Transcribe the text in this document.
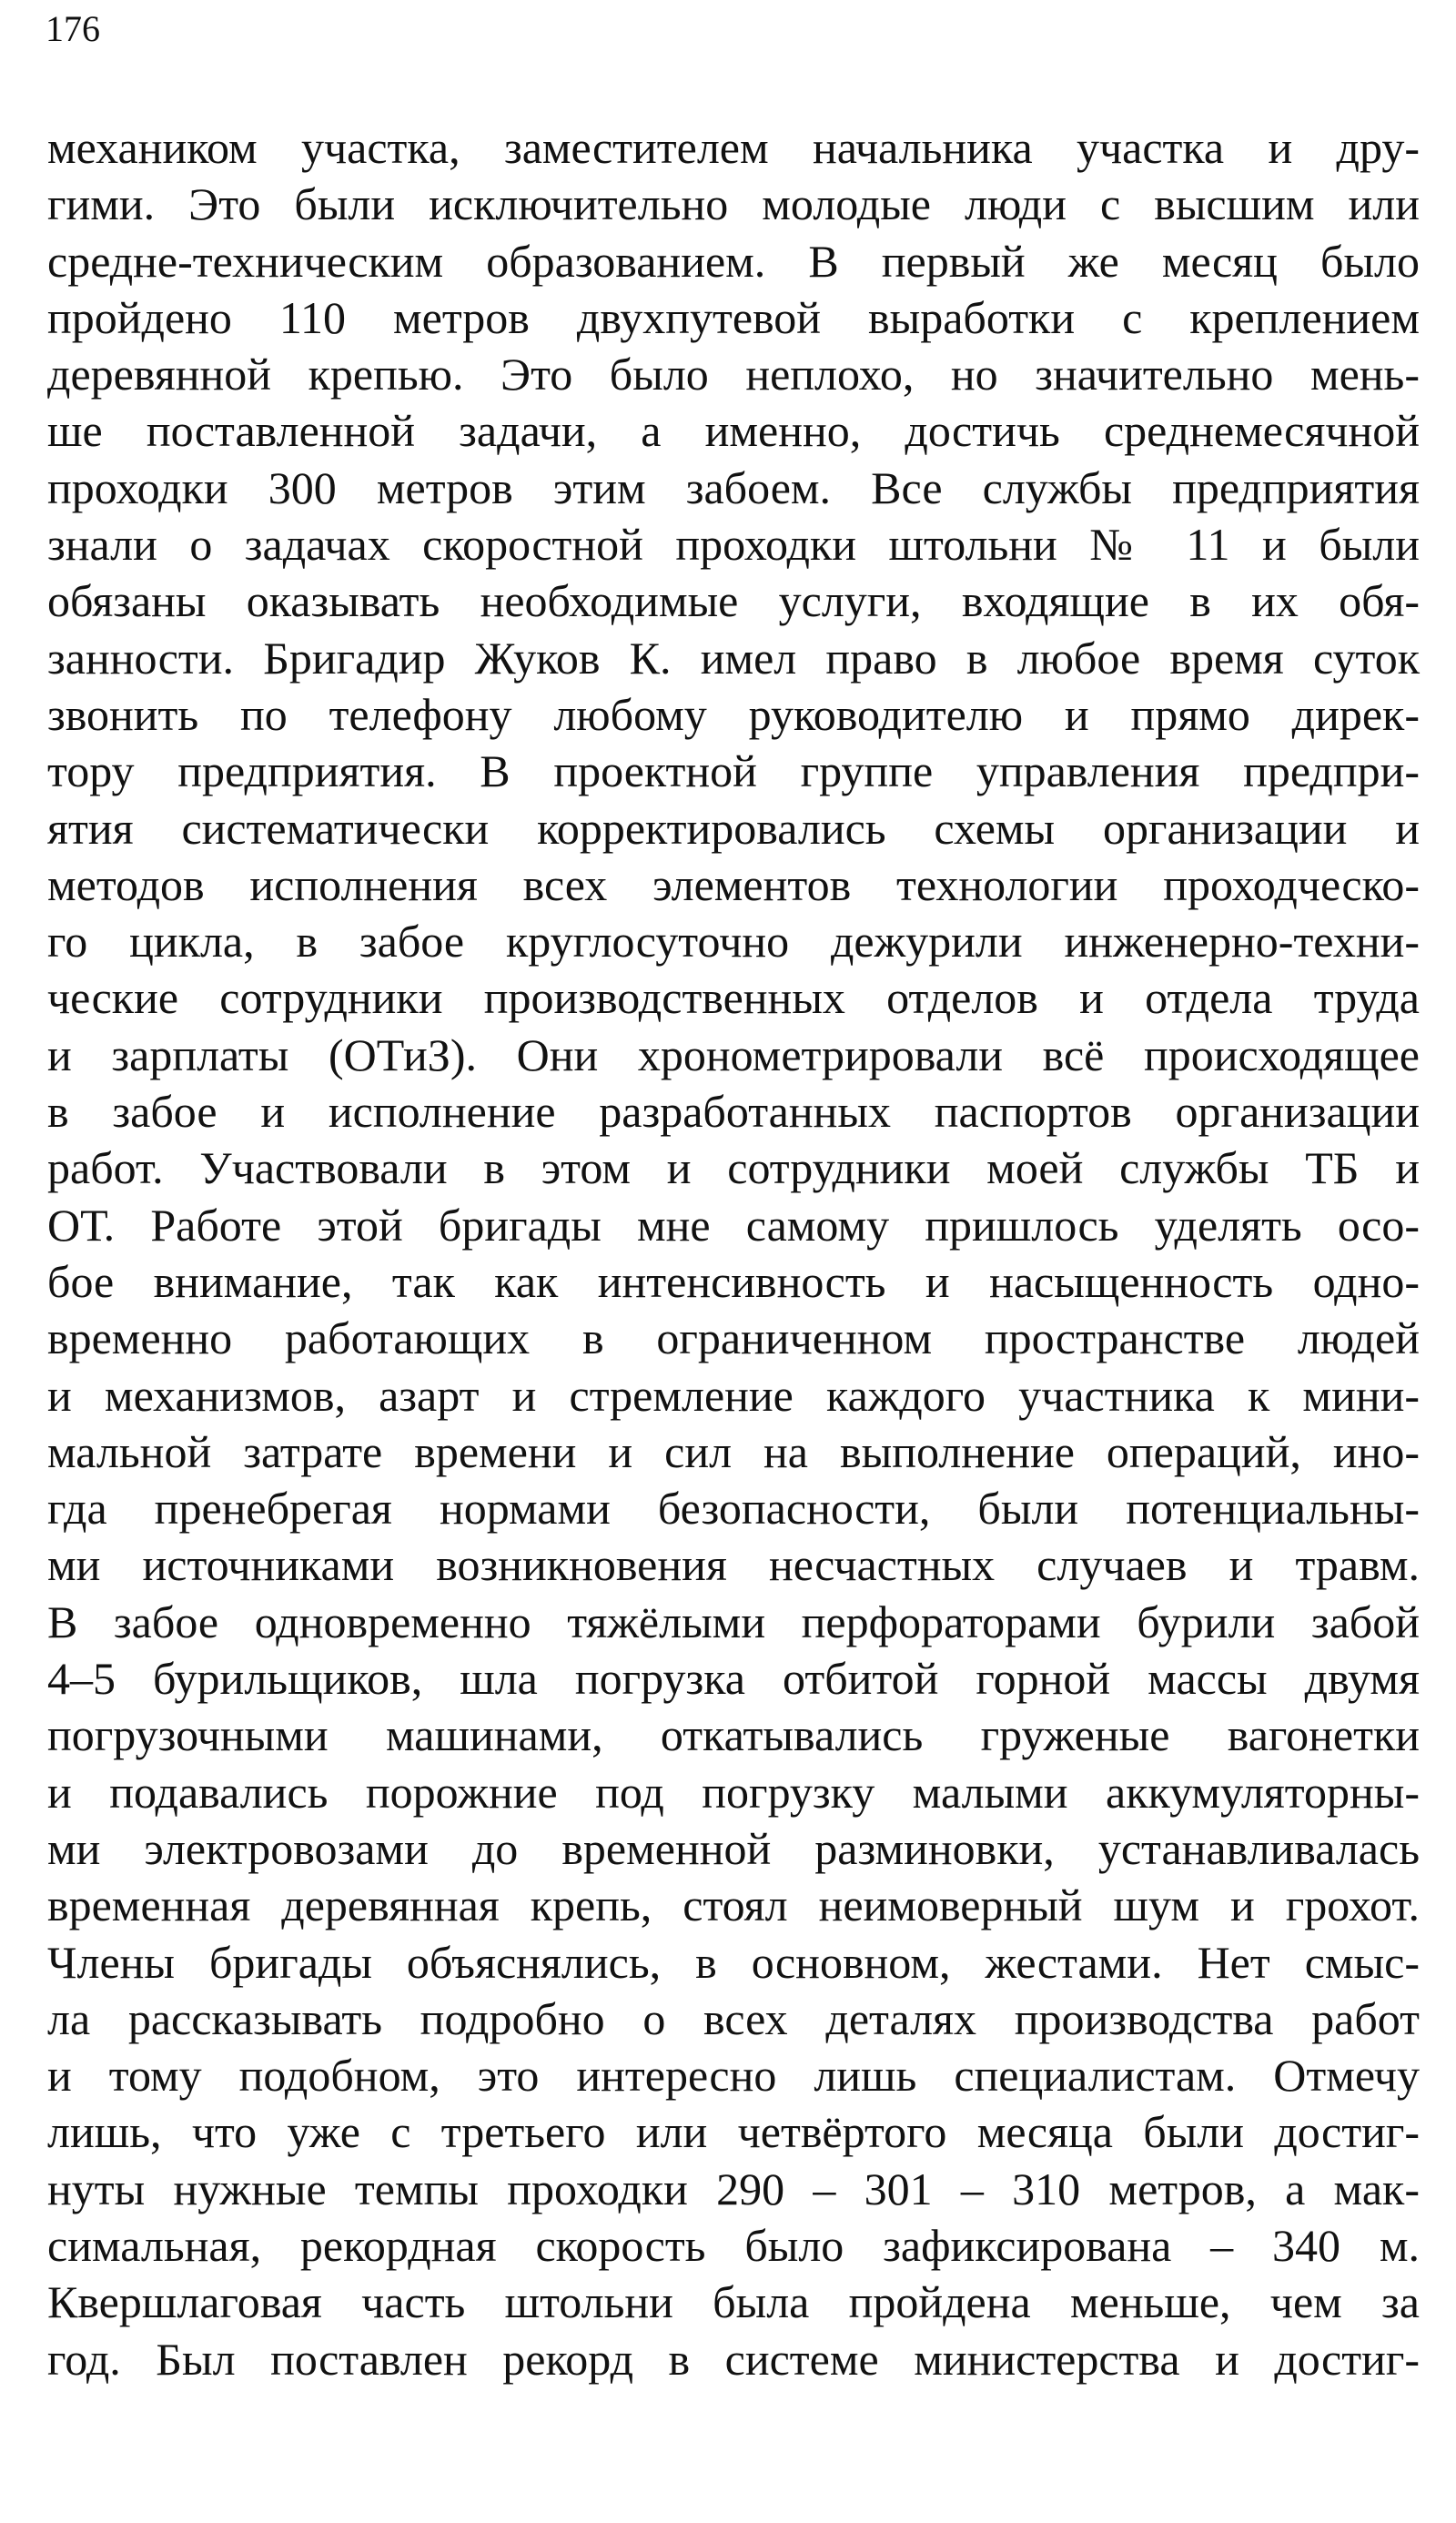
176
механиком участка, заместителем начальника участка и дру-
гими. Это были исключительно молодые люди с высшим или
средне-техническим образованием. В первый же месяц было
пройдено 110 метров двухпутевой выработки с креплением
деревянной крепью. Это было неплохо, но значительно мень-
ше поставленной задачи, а именно, достичь среднемесячной
проходки 300 метров этим забоем. Все службы предприятия
знали о задачах скоростной проходки штольни № 11 и были
обязаны оказывать необходимые услуги, входящие в их обя-
занности. Бригадир Жуков К. имел право в любое время суток
звонить по телефону любому руководителю и прямо дирек-
тору предприятия. В проектной группе управления предпри-
ятия систематически корректировались схемы организации и
методов исполнения всех элементов технологии проходческо-
го цикла, в забое круглосуточно дежурили инженерно-техни-
ческие сотрудники производственных отделов и отдела труда
и зарплаты (ОТиЗ). Они хронометрировали всё происходящее
в забое и исполнение разработанных паспортов организации
работ. Участвовали в этом и сотрудники моей службы ТБ и
ОТ. Работе этой бригады мне самому пришлось уделять осо-
бое внимание, так как интенсивность и насыщенность одно-
временно работающих в ограниченном пространстве людей
и механизмов, азарт и стремление каждого участника к мини-
мальной затрате времени и сил на выполнение операций, ино-
гда пренебрегая нормами безопасности, были потенциальны-
ми источниками возникновения несчастных случаев и травм.
В забое одновременно тяжёлыми перфораторами бурили забой
4–5 бурильщиков, шла погрузка отбитой горной массы двумя
погрузочными машинами, откатывались груженые вагонетки
и подавались порожние под погрузку малыми аккумуляторны-
ми электровозами до временной разминовки, устанавливалась
временная деревянная крепь, стоял неимоверный шум и грохот.
Члены бригады объяснялись, в основном, жестами. Нет смыс-
ла рассказывать подробно о всех деталях производства работ
и тому подобном, это интересно лишь специалистам. Отмечу
лишь, что уже с третьего или четвёртого месяца были достиг-
нуты нужные темпы проходки 290 – 301 – 310 метров, а мак-
симальная, рекордная скорость было зафиксирована – 340 м.
Квершлаговая часть штольни была пройдена меньше, чем за
год. Был поставлен рекорд в системе министерства и достиг-
